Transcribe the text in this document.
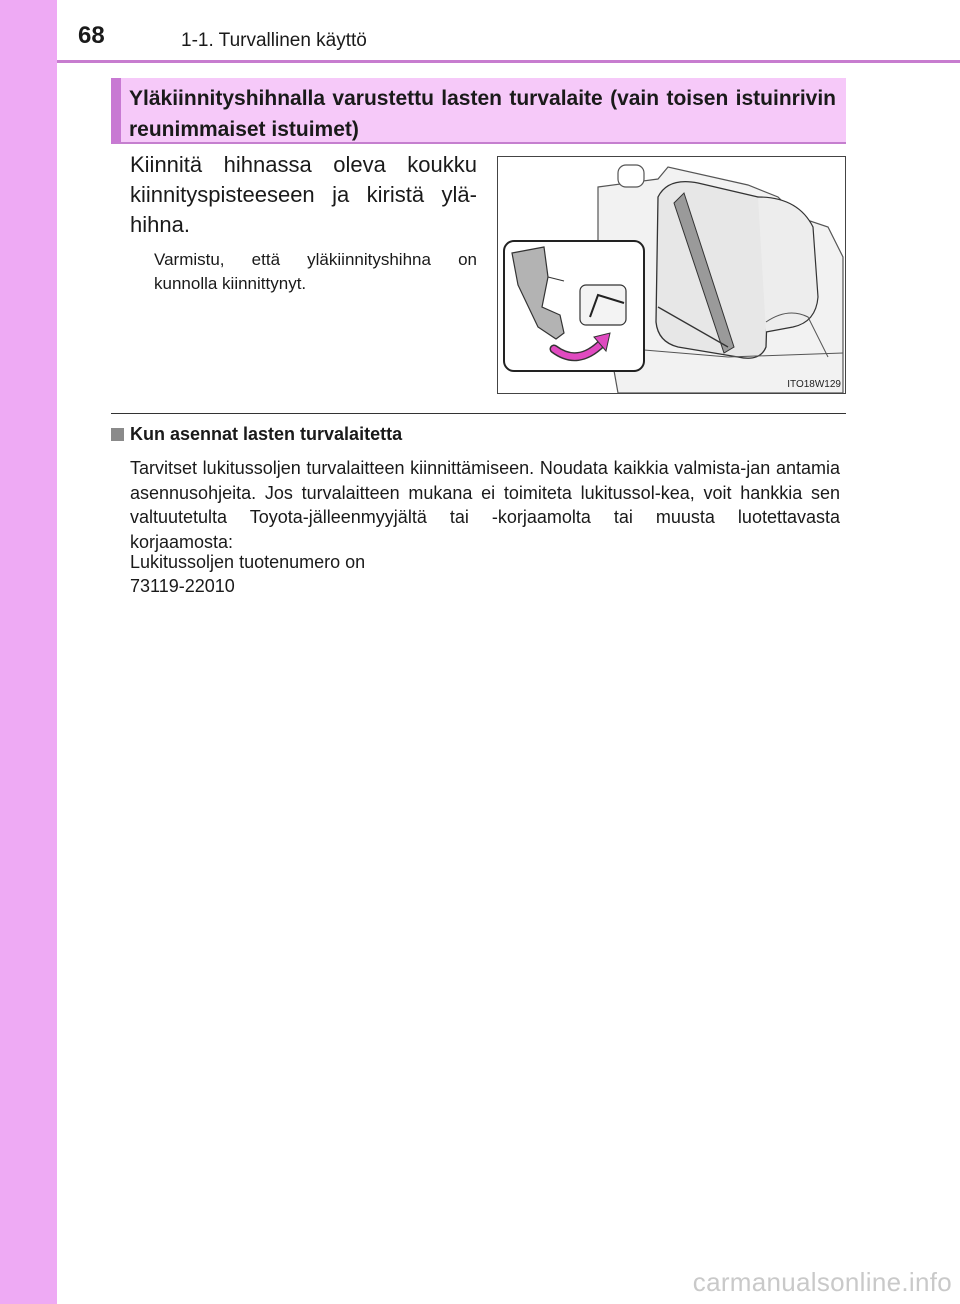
68	1-1. Turvallinen käyttö
Yläkiinnityshihnalla varustettu lasten turvalaite (vain toisen istuinrivin reunimmaiset istuimet)
Kiinnitä hihnassa oleva koukku kiinnityspisteeseen ja kiristä ylä-hihna.
Varmistu, että yläkiinnityshihna on kunnolla kiinnittynyt.
ITO18W129
Kun asennat lasten turvalaitetta
Tarvitset lukitussoljen turvalaitteen kiinnittämiseen. Noudata kaikkia valmista-jan antamia asennusohjeita. Jos turvalaitteen mukana ei toimiteta lukitussol-kea, voit hankkia sen valtuutetulta Toyota-jälleenmyyjältä tai -korjaamolta tai muusta luotettavasta korjaamosta:
Lukitussoljen tuotenumero on
73119-22010
carmanualsonline.info
